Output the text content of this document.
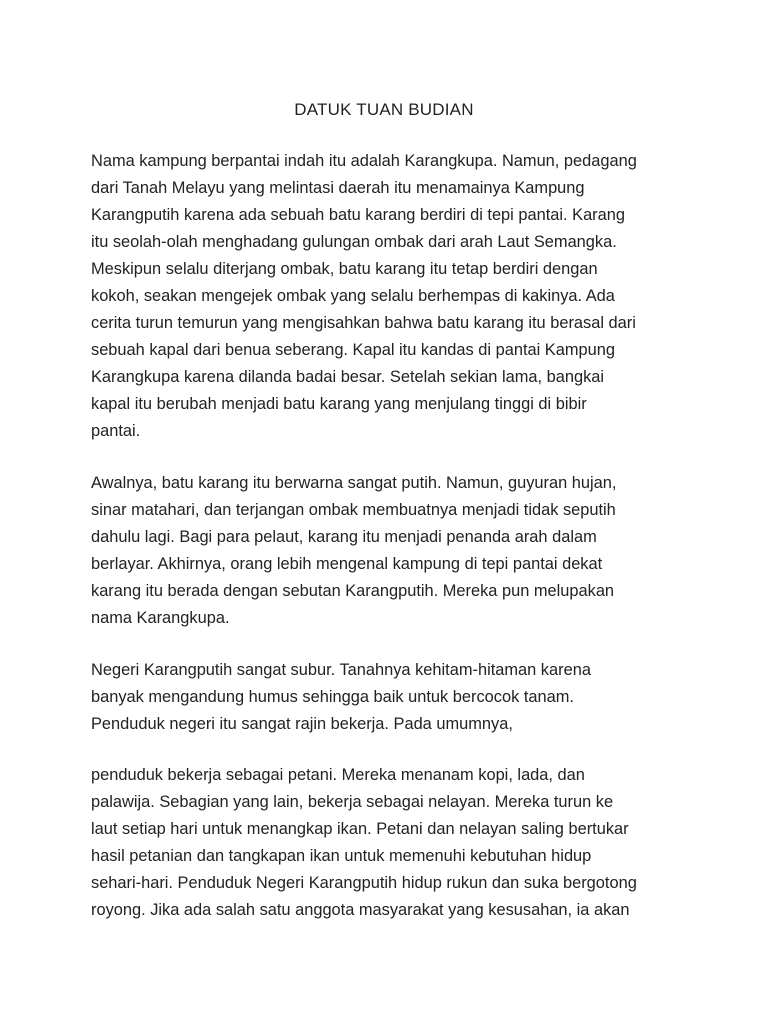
DATUK TUAN BUDIAN

Nama kampung berpantai indah itu adalah Karangkupa. Namun, pedagang
dari Tanah Melayu yang melintasi daerah itu menamainya Kampung
Karangputih karena ada sebuah batu karang berdiri di tepi pantai. Karang
itu seolah-olah menghadang gulungan ombak dari arah Laut Semangka.
Meskipun selalu diterjang ombak, batu karang itu tetap berdiri dengan
kokoh, seakan mengejek ombak yang selalu berhempas di kakinya. Ada
cerita turun temurun yang mengisahkan bahwa batu karang itu berasal dari
sebuah kapal dari benua seberang. Kapal itu kandas di pantai Kampung
Karangkupa karena dilanda badai besar. Setelah sekian lama, bangkai
kapal itu berubah menjadi batu karang yang menjulang tinggi di bibir
pantai.

Awalnya, batu karang itu berwarna sangat putih. Namun, guyuran hujan,
sinar matahari, dan terjangan ombak membuatnya menjadi tidak seputih
dahulu lagi. Bagi para pelaut, karang itu menjadi penanda arah dalam
berlayar. Akhirnya, orang lebih mengenal kampung di tepi pantai dekat
karang itu berada dengan sebutan Karangputih. Mereka pun melupakan
nama Karangkupa.

Negeri Karangputih sangat subur. Tanahnya kehitam-hitaman karena
banyak mengandung humus sehingga baik untuk bercocok tanam.
Penduduk negeri itu sangat rajin bekerja. Pada umumnya,

penduduk bekerja sebagai petani. Mereka menanam kopi, lada, dan
palawija. Sebagian yang lain, bekerja sebagai nelayan. Mereka turun ke
laut setiap hari untuk menangkap ikan. Petani dan nelayan saling bertukar
hasil petanian dan tangkapan ikan untuk memenuhi kebutuhan hidup
sehari-hari. Penduduk Negeri Karangputih hidup rukun dan suka bergotong
royong. Jika ada salah satu anggota masyarakat yang kesusahan, ia akan
